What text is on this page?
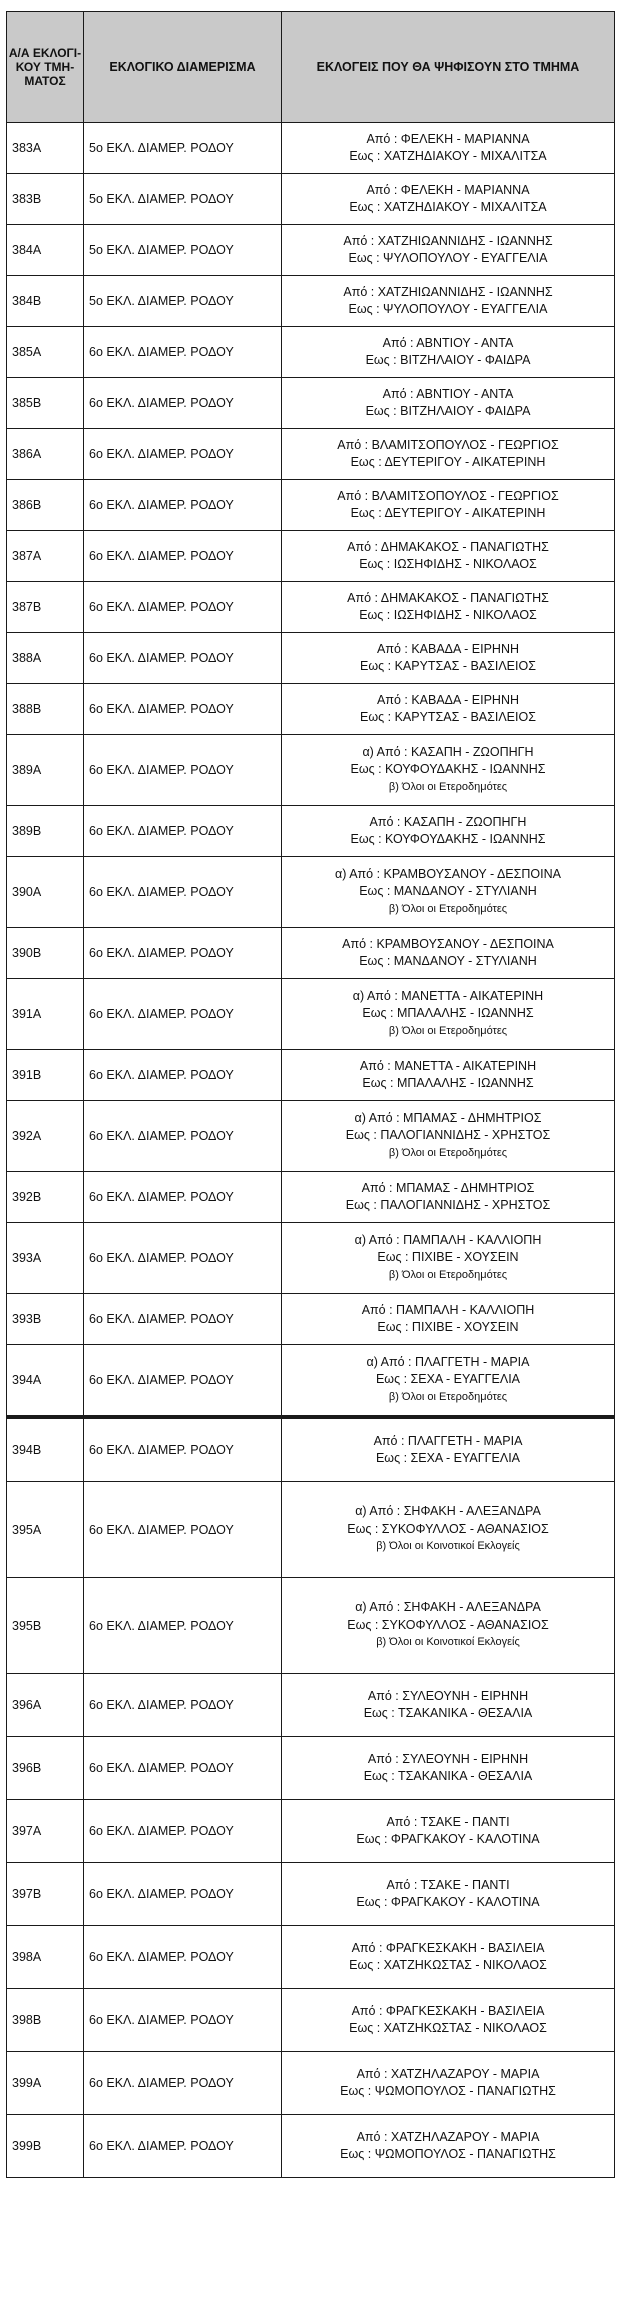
Α/Α ΕΚΛΟΓΙ-ΚΟΥ ΤΜΗ-ΜΑΤΟΣ	ΕΚΛΟΓΙΚΟ ΔΙΑΜΕΡΙΣΜΑ	ΕΚΛΟΓΕΙΣ ΠΟΥ ΘΑ ΨΗΦΙΣΟΥΝ ΣΤΟ ΤΜΗΜΑ
383Α	5ο ΕΚΛ. ΔΙΑΜΕΡ. ΡΟΔΟΥ	Από : ΦΕΛΕΚΗ - ΜΑΡΙΑΝΝΑ
Εως : ΧΑΤΖΗΔΙΑΚΟΥ - ΜΙΧΑΛΙΤΣΑ

383Β	5ο ΕΚΛ. ΔΙΑΜΕΡ. ΡΟΔΟΥ	Από : ΦΕΛΕΚΗ - ΜΑΡΙΑΝΝΑ
Εως : ΧΑΤΖΗΔΙΑΚΟΥ - ΜΙΧΑΛΙΤΣΑ

384Α	5ο ΕΚΛ. ΔΙΑΜΕΡ. ΡΟΔΟΥ	Από : ΧΑΤΖΗΙΩΑΝΝΙΔΗΣ - ΙΩΑΝΝΗΣ
Εως : ΨΥΛΟΠΟΥΛΟΥ - ΕΥΑΓΓΕΛΙΑ

384Β	5ο ΕΚΛ. ΔΙΑΜΕΡ. ΡΟΔΟΥ	Από : ΧΑΤΖΗΙΩΑΝΝΙΔΗΣ - ΙΩΑΝΝΗΣ
Εως : ΨΥΛΟΠΟΥΛΟΥ - ΕΥΑΓΓΕΛΙΑ

385Α	6ο ΕΚΛ. ΔΙΑΜΕΡ. ΡΟΔΟΥ	Από : ΑΒΝΤΙΟΥ - ΑΝΤΑ
Εως : ΒΙΤΖΗΛΑΙΟΥ - ΦΑΙΔΡΑ

385Β	6ο ΕΚΛ. ΔΙΑΜΕΡ. ΡΟΔΟΥ	Από : ΑΒΝΤΙΟΥ - ΑΝΤΑ
Εως : ΒΙΤΖΗΛΑΙΟΥ - ΦΑΙΔΡΑ

386Α	6ο ΕΚΛ. ΔΙΑΜΕΡ. ΡΟΔΟΥ	Από : ΒΛΑΜΙΤΣΟΠΟΥΛΟΣ - ΓΕΩΡΓΙΟΣ
Εως : ΔΕΥΤΕΡΙΓΟΥ - ΑΙΚΑΤΕΡΙΝΗ

386Β	6ο ΕΚΛ. ΔΙΑΜΕΡ. ΡΟΔΟΥ	Από : ΒΛΑΜΙΤΣΟΠΟΥΛΟΣ - ΓΕΩΡΓΙΟΣ
Εως : ΔΕΥΤΕΡΙΓΟΥ - ΑΙΚΑΤΕΡΙΝΗ

387Α	6ο ΕΚΛ. ΔΙΑΜΕΡ. ΡΟΔΟΥ	Από : ΔΗΜΑΚΑΚΟΣ - ΠΑΝΑΓΙΩΤΗΣ
Εως : ΙΩΣΗΦΙΔΗΣ - ΝΙΚΟΛΑΟΣ

387Β	6ο ΕΚΛ. ΔΙΑΜΕΡ. ΡΟΔΟΥ	Από : ΔΗΜΑΚΑΚΟΣ - ΠΑΝΑΓΙΩΤΗΣ
Εως : ΙΩΣΗΦΙΔΗΣ - ΝΙΚΟΛΑΟΣ

388Α	6ο ΕΚΛ. ΔΙΑΜΕΡ. ΡΟΔΟΥ	Από : ΚΑΒΑΔΑ - ΕΙΡΗΝΗ
Εως : ΚΑΡΥΤΣΑΣ - ΒΑΣΙΛΕΙΟΣ

388Β	6ο ΕΚΛ. ΔΙΑΜΕΡ. ΡΟΔΟΥ	Από : ΚΑΒΑΔΑ - ΕΙΡΗΝΗ
Εως : ΚΑΡΥΤΣΑΣ - ΒΑΣΙΛΕΙΟΣ

389Α	6ο ΕΚΛ. ΔΙΑΜΕΡ. ΡΟΔΟΥ	α) Από : ΚΑΣΑΠΗ - ΖΩΟΠΗΓΗ
Εως : ΚΟΥΦΟΥΔΑΚΗΣ - ΙΩΑΝΝΗΣ
β) Όλοι οι Ετεροδημότες

389Β	6ο ΕΚΛ. ΔΙΑΜΕΡ. ΡΟΔΟΥ	Από : ΚΑΣΑΠΗ - ΖΩΟΠΗΓΗ
Εως : ΚΟΥΦΟΥΔΑΚΗΣ - ΙΩΑΝΝΗΣ

390Α	6ο ΕΚΛ. ΔΙΑΜΕΡ. ΡΟΔΟΥ	α) Από : ΚΡΑΜΒΟΥΣΑΝΟΥ - ΔΕΣΠΟΙΝΑ
Εως : ΜΑΝΔΑΝΟΥ - ΣΤΥΛΙΑΝΗ
β) Όλοι οι Ετεροδημότες

390Β	6ο ΕΚΛ. ΔΙΑΜΕΡ. ΡΟΔΟΥ	Από : ΚΡΑΜΒΟΥΣΑΝΟΥ - ΔΕΣΠΟΙΝΑ
Εως : ΜΑΝΔΑΝΟΥ - ΣΤΥΛΙΑΝΗ

391Α	6ο ΕΚΛ. ΔΙΑΜΕΡ. ΡΟΔΟΥ	α) Από : ΜΑΝΕΤΤΑ - ΑΙΚΑΤΕΡΙΝΗ
Εως : ΜΠΑΛΑΛΗΣ - ΙΩΑΝΝΗΣ
β) Όλοι οι Ετεροδημότες

391Β	6ο ΕΚΛ. ΔΙΑΜΕΡ. ΡΟΔΟΥ	Από : ΜΑΝΕΤΤΑ - ΑΙΚΑΤΕΡΙΝΗ
Εως : ΜΠΑΛΑΛΗΣ - ΙΩΑΝΝΗΣ

392Α	6ο ΕΚΛ. ΔΙΑΜΕΡ. ΡΟΔΟΥ	α) Από : ΜΠΑΜΑΣ - ΔΗΜΗΤΡΙΟΣ
Εως : ΠΑΛΟΓΙΑΝΝΙΔΗΣ - ΧΡΗΣΤΟΣ
β) Όλοι οι Ετεροδημότες

392Β	6ο ΕΚΛ. ΔΙΑΜΕΡ. ΡΟΔΟΥ	Από : ΜΠΑΜΑΣ - ΔΗΜΗΤΡΙΟΣ
Εως : ΠΑΛΟΓΙΑΝΝΙΔΗΣ - ΧΡΗΣΤΟΣ

393Α	6ο ΕΚΛ. ΔΙΑΜΕΡ. ΡΟΔΟΥ	α) Από : ΠΑΜΠΑΛΗ - ΚΑΛΛΙΟΠΗ
Εως : ΠΙΧΙΒΕ - ΧΟΥΣΕΙΝ
β) Όλοι οι Ετεροδημότες

393Β	6ο ΕΚΛ. ΔΙΑΜΕΡ. ΡΟΔΟΥ	Από : ΠΑΜΠΑΛΗ - ΚΑΛΛΙΟΠΗ
Εως : ΠΙΧΙΒΕ - ΧΟΥΣΕΙΝ

394Α	6ο ΕΚΛ. ΔΙΑΜΕΡ. ΡΟΔΟΥ	α) Από : ΠΛΑΓΓΕΤΗ - ΜΑΡΙΑ
Εως : ΣΕΧΑ - ΕΥΑΓΓΕΛΙΑ
β) Όλοι οι Ετεροδημότες

394Β	6ο ΕΚΛ. ΔΙΑΜΕΡ. ΡΟΔΟΥ	Από : ΠΛΑΓΓΕΤΗ - ΜΑΡΙΑ
Εως : ΣΕΧΑ - ΕΥΑΓΓΕΛΙΑ

395Α	6ο ΕΚΛ. ΔΙΑΜΕΡ. ΡΟΔΟΥ	α) Από : ΣΗΦΑΚΗ - ΑΛΕΞΑΝΔΡΑ
Εως : ΣΥΚΟΦΥΛΛΟΣ - ΑΘΑΝΑΣΙΟΣ
β) Όλοι οι Κοινοτικοί Εκλογείς

395Β	6ο ΕΚΛ. ΔΙΑΜΕΡ. ΡΟΔΟΥ	α) Από : ΣΗΦΑΚΗ - ΑΛΕΞΑΝΔΡΑ
Εως : ΣΥΚΟΦΥΛΛΟΣ - ΑΘΑΝΑΣΙΟΣ
β) Όλοι οι Κοινοτικοί Εκλογείς

396Α	6ο ΕΚΛ. ΔΙΑΜΕΡ. ΡΟΔΟΥ	Από : ΣΥΛΕΟΥΝΗ - ΕΙΡΗΝΗ
Εως : ΤΣΑΚΑΝΙΚΑ - ΘΕΣΑΛΙΑ

396Β	6ο ΕΚΛ. ΔΙΑΜΕΡ. ΡΟΔΟΥ	Από : ΣΥΛΕΟΥΝΗ - ΕΙΡΗΝΗ
Εως : ΤΣΑΚΑΝΙΚΑ - ΘΕΣΑΛΙΑ

397Α	6ο ΕΚΛ. ΔΙΑΜΕΡ. ΡΟΔΟΥ	Από : ΤΣΑΚΕ - ΠΑΝΤΙ
Εως : ΦΡΑΓΚΑΚΟΥ - ΚΑΛΟΤΙΝΑ

397Β	6ο ΕΚΛ. ΔΙΑΜΕΡ. ΡΟΔΟΥ	Από : ΤΣΑΚΕ - ΠΑΝΤΙ
Εως : ΦΡΑΓΚΑΚΟΥ - ΚΑΛΟΤΙΝΑ

398Α	6ο ΕΚΛ. ΔΙΑΜΕΡ. ΡΟΔΟΥ	Από : ΦΡΑΓΚΕΣΚΑΚΗ - ΒΑΣΙΛΕΙΑ
Εως : ΧΑΤΖΗΚΩΣΤΑΣ - ΝΙΚΟΛΑΟΣ

398Β	6ο ΕΚΛ. ΔΙΑΜΕΡ. ΡΟΔΟΥ	Από : ΦΡΑΓΚΕΣΚΑΚΗ - ΒΑΣΙΛΕΙΑ
Εως : ΧΑΤΖΗΚΩΣΤΑΣ - ΝΙΚΟΛΑΟΣ

399Α	6ο ΕΚΛ. ΔΙΑΜΕΡ. ΡΟΔΟΥ	Από : ΧΑΤΖΗΛΑΖΑΡΟΥ - ΜΑΡΙΑ
Εως : ΨΩΜΟΠΟΥΛΟΣ - ΠΑΝΑΓΙΩΤΗΣ

399Β	6ο ΕΚΛ. ΔΙΑΜΕΡ. ΡΟΔΟΥ	Από : ΧΑΤΖΗΛΑΖΑΡΟΥ - ΜΑΡΙΑ
Εως : ΨΩΜΟΠΟΥΛΟΣ - ΠΑΝΑΓΙΩΤΗΣ
